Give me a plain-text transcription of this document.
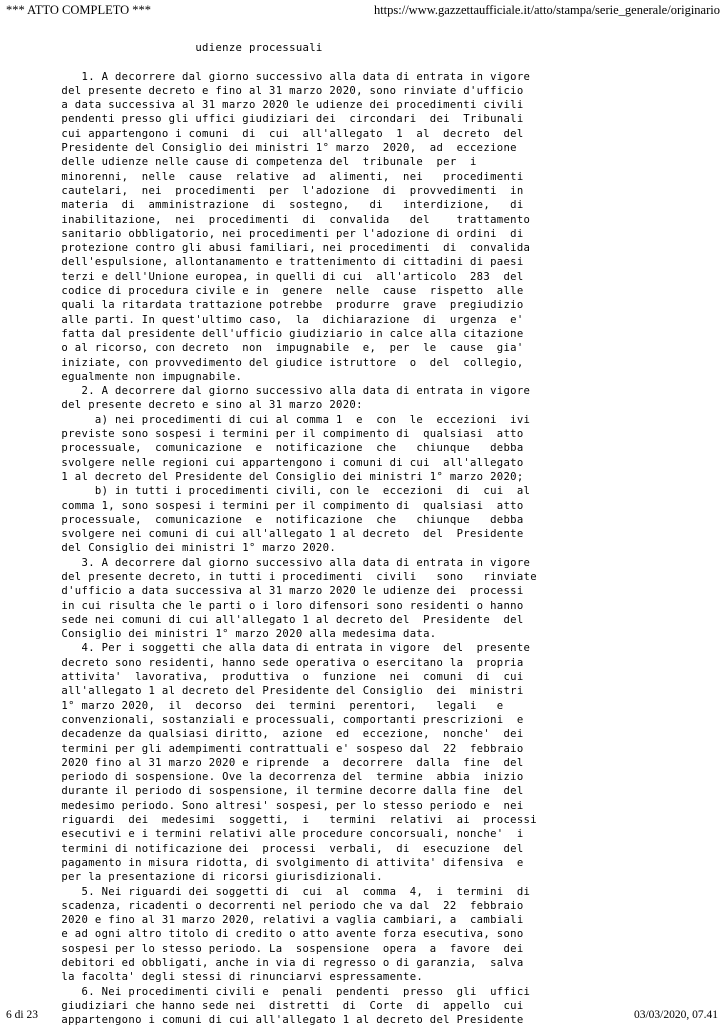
*** ATTO COMPLETO ***	https://www.gazzettaufficiale.it/atto/stampa/serie_generale/originario
udienze processuali

1. A decorrere dal giorno successivo alla data di entrata in vigore
del presente decreto e fino al 31 marzo 2020, sono rinviate d'ufficio
a data successiva al 31 marzo 2020 le udienze dei procedimenti civili
pendenti presso gli uffici giudiziari dei  circondari  dei  Tribunali
cui appartengono i comuni  di  cui  all'allegato  1  al  decreto  del
Presidente del Consiglio dei ministri 1° marzo  2020,  ad  eccezione
delle udienze nelle cause di competenza del  tribunale  per  i
minorenni,  nelle  cause  relative  ad  alimenti,  nei   procedimenti
cautelari,  nei  procedimenti  per  l'adozione  di  provvedimenti  in
materia  di  amministrazione  di  sostegno,   di   interdizione,   di
inabilitazione,  nei  procedimenti  di  convalida   del    trattamento
sanitario obbligatorio, nei procedimenti per l'adozione di ordini  di
protezione contro gli abusi familiari, nei procedimenti  di  convalida
dell'espulsione, allontanamento e trattenimento di cittadini di paesi
terzi e dell'Unione europea, in quelli di cui  all'articolo  283  del
codice di procedura civile e in  genere  nelle  cause  rispetto  alle
quali la ritardata trattazione potrebbe  produrre  grave  pregiudizio
alle parti. In quest'ultimo caso,  la  dichiarazione  di  urgenza  e'
fatta dal presidente dell'ufficio giudiziario in calce alla citazione
o al ricorso, con decreto  non  impugnabile  e,  per  le  cause  gia'
iniziate, con provvedimento del giudice istruttore  o  del  collegio,
egualmente non impugnabile.
2. A decorrere dal giorno successivo alla data di entrata in vigore
del presente decreto e sino al 31 marzo 2020:
a) nei procedimenti di cui al comma 1  e  con  le  eccezioni  ivi
previste sono sospesi i termini per il compimento di  qualsiasi  atto
processuale,  comunicazione  e  notificazione  che   chiunque   debba
svolgere nelle regioni cui appartengono i comuni di cui  all'allegato
1 al decreto del Presidente del Consiglio dei ministri 1° marzo 2020;
b) in tutti i procedimenti civili, con le  eccezioni  di  cui  al
comma 1, sono sospesi i termini per il compimento di  qualsiasi  atto
processuale,  comunicazione  e  notificazione  che   chiunque   debba
svolgere nei comuni di cui all'allegato 1 al decreto  del  Presidente
del Consiglio dei ministri 1° marzo 2020.
3. A decorrere dal giorno successivo alla data di entrata in vigore
del presente decreto, in tutti i procedimenti  civili   sono   rinviate
d'ufficio a data successiva al 31 marzo 2020 le udienze dei  processi
in cui risulta che le parti o i loro difensori sono residenti o hanno
sede nei comuni di cui all'allegato 1 al decreto del  Presidente  del
Consiglio dei ministri 1° marzo 2020 alla medesima data.
4. Per i soggetti che alla data di entrata in vigore  del  presente
decreto sono residenti, hanno sede operativa o esercitano la  propria
attivita'  lavorativa,  produttiva  o  funzione  nei  comuni  di  cui
all'allegato 1 al decreto del Presidente del Consiglio  dei  ministri
1° marzo 2020,  il  decorso  dei  termini  perentori,   legali   e
convenzionali, sostanziali e processuali, comportanti prescrizioni  e
decadenze da qualsiasi diritto,  azione  ed  eccezione,  nonche'  dei
termini per gli adempimenti contrattuali e' sospeso dal  22  febbraio
2020 fino al 31 marzo 2020 e riprende  a  decorrere  dalla  fine  del
periodo di sospensione. Ove la decorrenza del  termine  abbia  inizio
durante il periodo di sospensione, il termine decorre dalla fine  del
medesimo periodo. Sono altresi' sospesi, per lo stesso periodo e  nei
riguardi  dei  medesimi  soggetti,  i   termini  relativi  ai  processi
esecutivi e i termini relativi alle procedure concorsuali, nonche'  i
termini di notificazione dei  processi  verbali,  di  esecuzione  del
pagamento in misura ridotta, di svolgimento di attivita' difensiva  e
per la presentazione di ricorsi giurisdizionali.
5. Nei riguardi dei soggetti di  cui  al  comma  4,  i  termini  di
scadenza, ricadenti o decorrenti nel periodo che va dal  22  febbraio
2020 e fino al 31 marzo 2020, relativi a vaglia cambiari, a  cambiali
e ad ogni altro titolo di credito o atto avente forza esecutiva, sono
sospesi per lo stesso periodo. La  sospensione  opera  a  favore  dei
debitori ed obbligati, anche in via di regresso o di garanzia,  salva
la facolta' degli stessi di rinunciarvi espressamente.
6. Nei procedimenti civili e  penali  pendenti  presso  gli  uffici
giudiziari che hanno sede nei  distretti  di  Corte  di  appello  cui
appartengono i comuni di cui all'allegato 1 al decreto del Presidente
6 di 23	03/03/2020, 07.41
